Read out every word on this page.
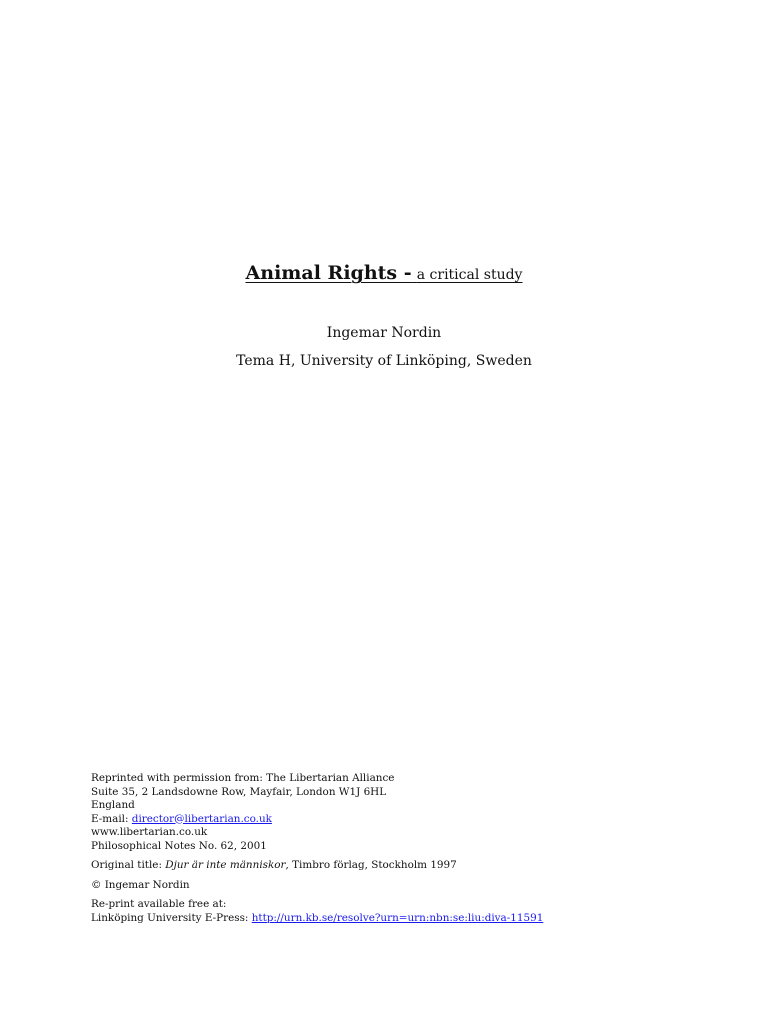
Animal Rights - a critical study
Ingemar Nordin
Tema H, University of Linköping, Sweden
Reprinted with permission from: The Libertarian Alliance
Suite 35, 2 Landsdowne Row, Mayfair, London W1J 6HL
England
E-mail: director@libertarian.co.uk
www.libertarian.co.uk
Philosophical Notes No. 62, 2001
Original title: Djur är inte människor, Timbro förlag, Stockholm 1997
© Ingemar Nordin
Re-print available free at:
Linköping University E-Press: http://urn.kb.se/resolve?urn=urn:nbn:se:liu:diva-11591
